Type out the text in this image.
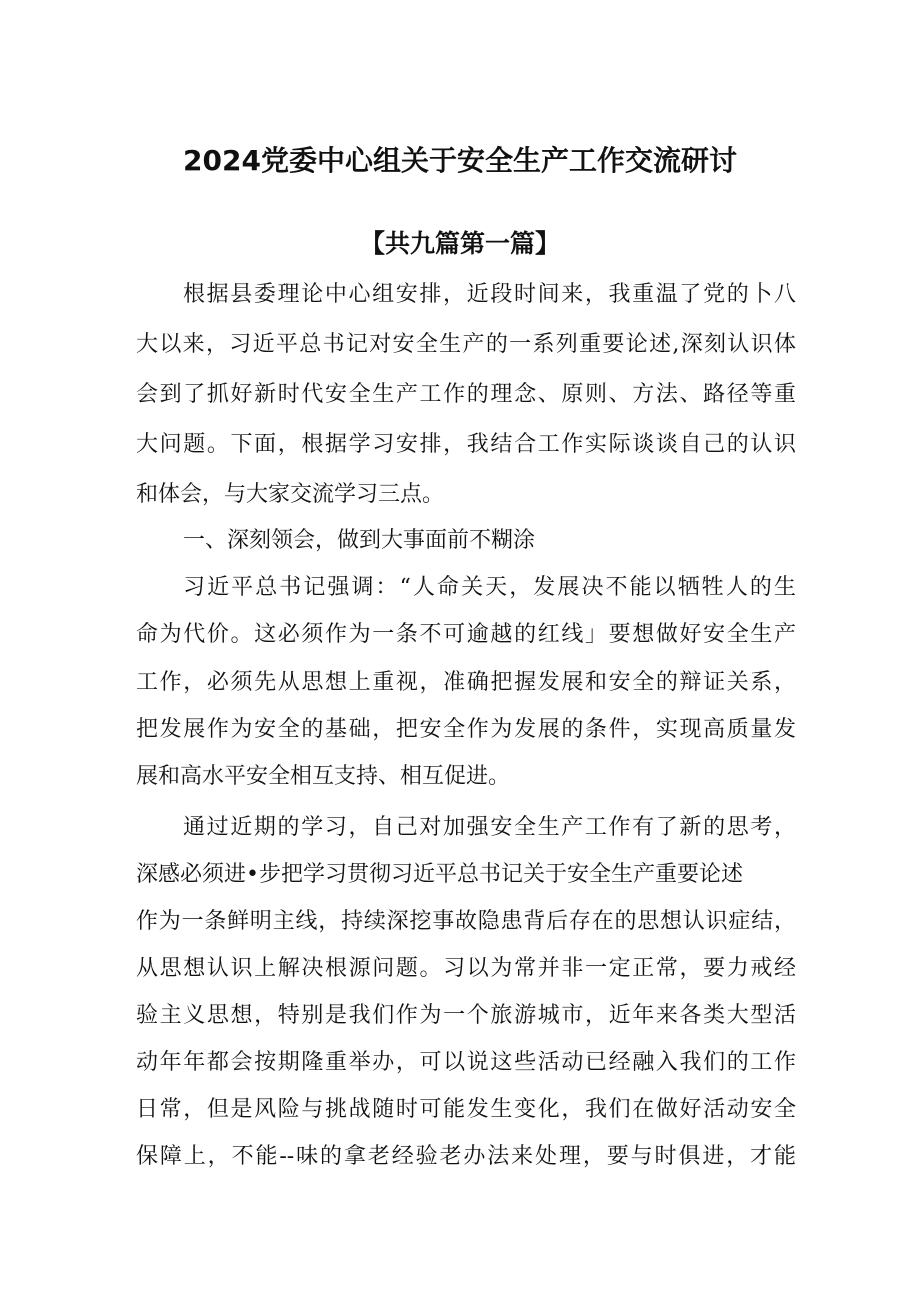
2024党委中心组关于安全生产工作交流研讨
【共九篇第一篇】
根据县委理论中心组安排，近段时间来，我重温了党的卜八
大以来，习近平总书记对安全生产的一系列重要论述,深刻认识体
会到了抓好新时代安全生产工作的理念、原则、方法、路径等重
大问题。下面，根据学习安排，我结合工作实际谈谈自己的认识
和体会，与大家交流学习三点。
一、深刻领会，做到大事面前不糊涂
习近平总书记强调：“人命关天，发展决不能以牺牲人的生
命为代价。这必须作为一条不可逾越的红线」要想做好安全生产
工作，必须先从思想上重视，准确把握发展和安全的辩证关系，
把发展作为安全的基础，把安全作为发展的条件，实现高质量发
展和高水平安全相互支持、相互促进。
通过近期的学习，自己对加强安全生产工作有了新的思考，
深感必须进•步把学习贯彻习近平总书记关于安全生产重要论述
作为一条鲜明主线，持续深挖事故隐患背后存在的思想认识症结，
从思想认识上解决根源问题。习以为常并非一定正常，要力戒经
验主义思想，特别是我们作为一个旅游城市，近年来各类大型活
动年年都会按期隆重举办，可以说这些活动已经融入我们的工作
日常，但是风险与挑战随时可能发生变化，我们在做好活动安全
保障上，不能--味的拿老经验老办法来处理，要与时俱进，才能
